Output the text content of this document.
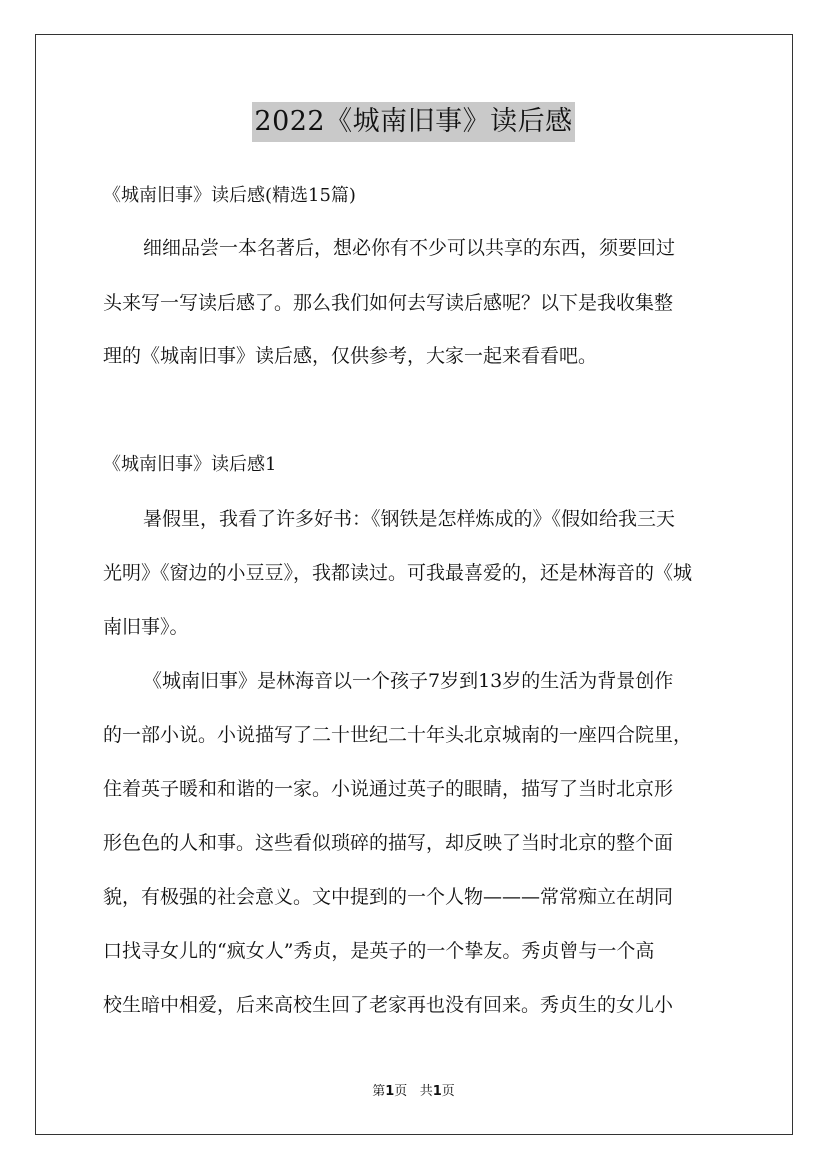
2022《城南旧事》读后感
《城南旧事》读后感(精选15篇)
细细品尝一本名著后，想必你有不少可以共享的东西，须要回过
头来写一写读后感了。那么我们如何去写读后感呢？以下是我收集整
理的《城南旧事》读后感，仅供参考，大家一起来看看吧。
《城南旧事》读后感1
暑假里，我看了许多好书：《钢铁是怎样炼成的》《假如给我三天
光明》《窗边的小豆豆》，我都读过。可我最喜爱的，还是林海音的《城
南旧事》。
《城南旧事》是林海音以一个孩子7岁到13岁的生活为背景创作
的一部小说。小说描写了二十世纪二十年头北京城南的一座四合院里，
住着英子暖和和谐的一家。小说通过英子的眼睛，描写了当时北京形
形色色的人和事。这些看似琐碎的描写，却反映了当时北京的整个面
貌，有极强的社会意义。文中提到的一个人物———常常痴立在胡同
口找寻女儿的“疯女人”秀贞，是英子的一个挚友。秀贞曾与一个高
校生暗中相爱，后来高校生回了老家再也没有回来。秀贞生的女儿小
第1页 共1页
